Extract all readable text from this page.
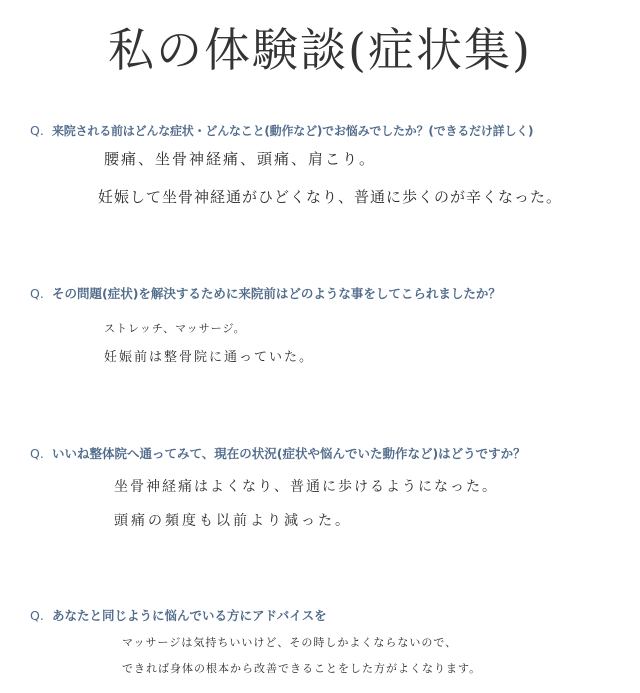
私の体験談(症状集)
Q. 来院される前はどんな症状・どんなこと(動作など)でお悩みでしたか？(できるだけ詳しく)
腰痛、坐骨神経痛、頭痛、肩こり。
妊娠して坐骨神経通がひどくなり、普通に歩くのが辛くなった。
Q. その問題(症状)を解決するために来院前はどのような事をしてこられましたか？
ストレッチ、マッサージ。
妊娠前は整骨院に通っていた。
Q. いいね整体院へ通ってみて、現在の状況(症状や悩んでいた動作など)はどうですか？
坐骨神経痛はよくなり、普通に歩けるようになった。
頭痛の頻度も以前より減った。
Q. あなたと同じように悩んでいる方にアドバイスを
マッサージは気持ちいいけど、その時しかよくならないので、
できれば身体の根本から改善できることをした方がよくなります。
